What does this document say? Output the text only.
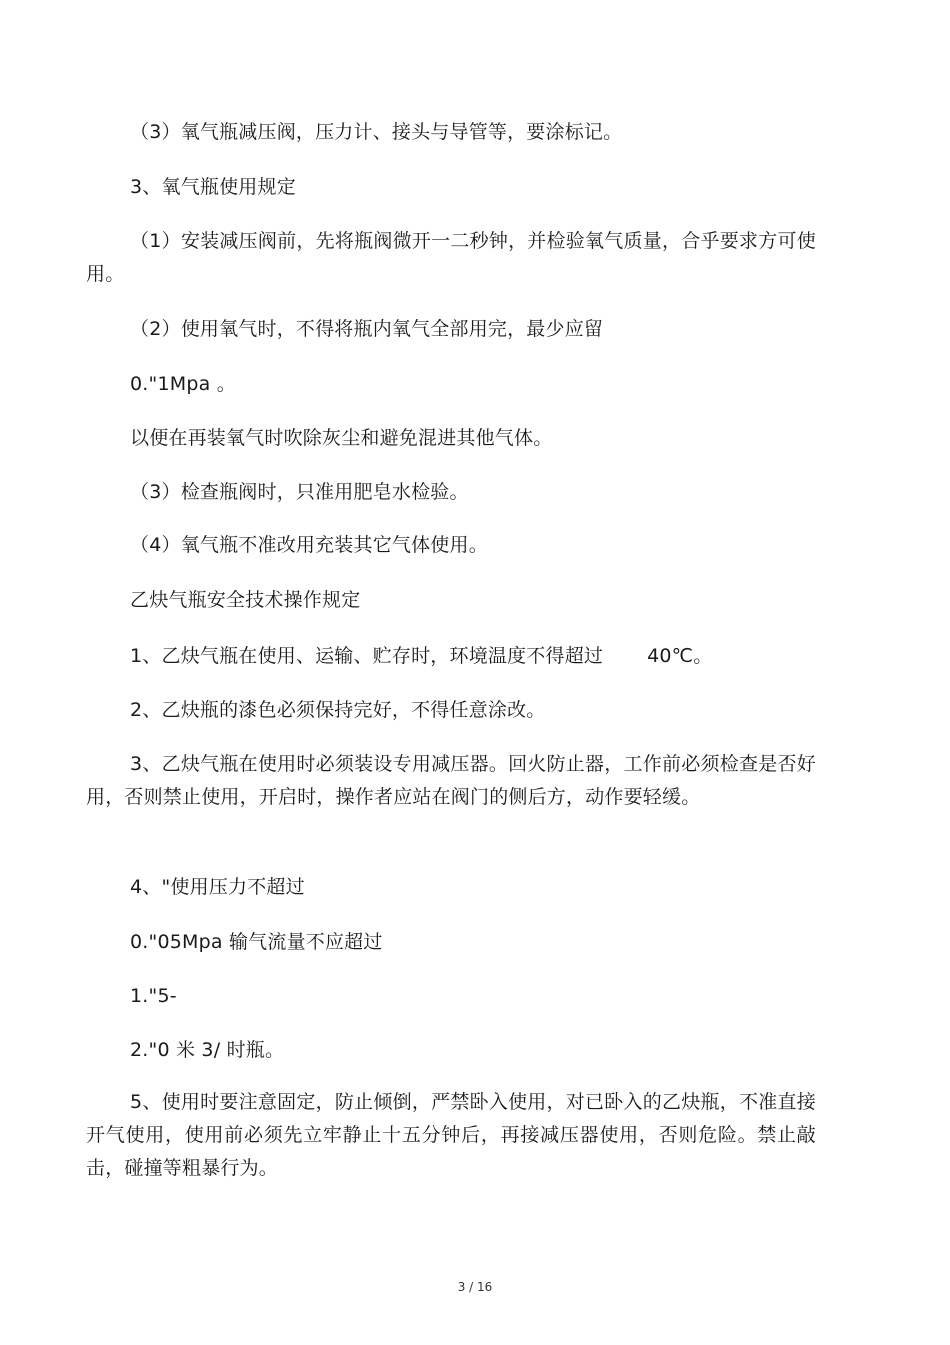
（3）氧气瓶减压阀，压力计、接头与导管等，要涂标记。
3、氧气瓶使用规定
（1）安装减压阀前，先将瓶阀微开一二秒钟，并检验氧气质量，合乎要求方可使用。
（2）使用氧气时，不得将瓶内氧气全部用完，最少应留
0."1Mpa 。
以便在再装氧气时吹除灰尘和避免混进其他气体。
（3）检查瓶阀时，只准用肥皂水检验。
（4）氧气瓶不准改用充装其它气体使用。
乙炔气瓶安全技术操作规定
1、乙炔气瓶在使用、运输、贮存时，环境温度不得超过 40℃。
2、乙炔瓶的漆色必须保持完好，不得任意涂改。
3、乙炔气瓶在使用时必须装设专用减压器。回火防止器，工作前必须检查是否好用，否则禁止使用，开启时，操作者应站在阀门的侧后方，动作要轻缓。
4、"使用压力不超过
0."05Mpa 输气流量不应超过
1."5-
2."0 米 3/ 时瓶。
5、使用时要注意固定，防止倾倒，严禁卧入使用，对已卧入的乙炔瓶，不准直接开气使用，使用前必须先立牢静止十五分钟后，再接减压器使用，否则危险。禁止敲击，碰撞等粗暴行为。
3 / 16
